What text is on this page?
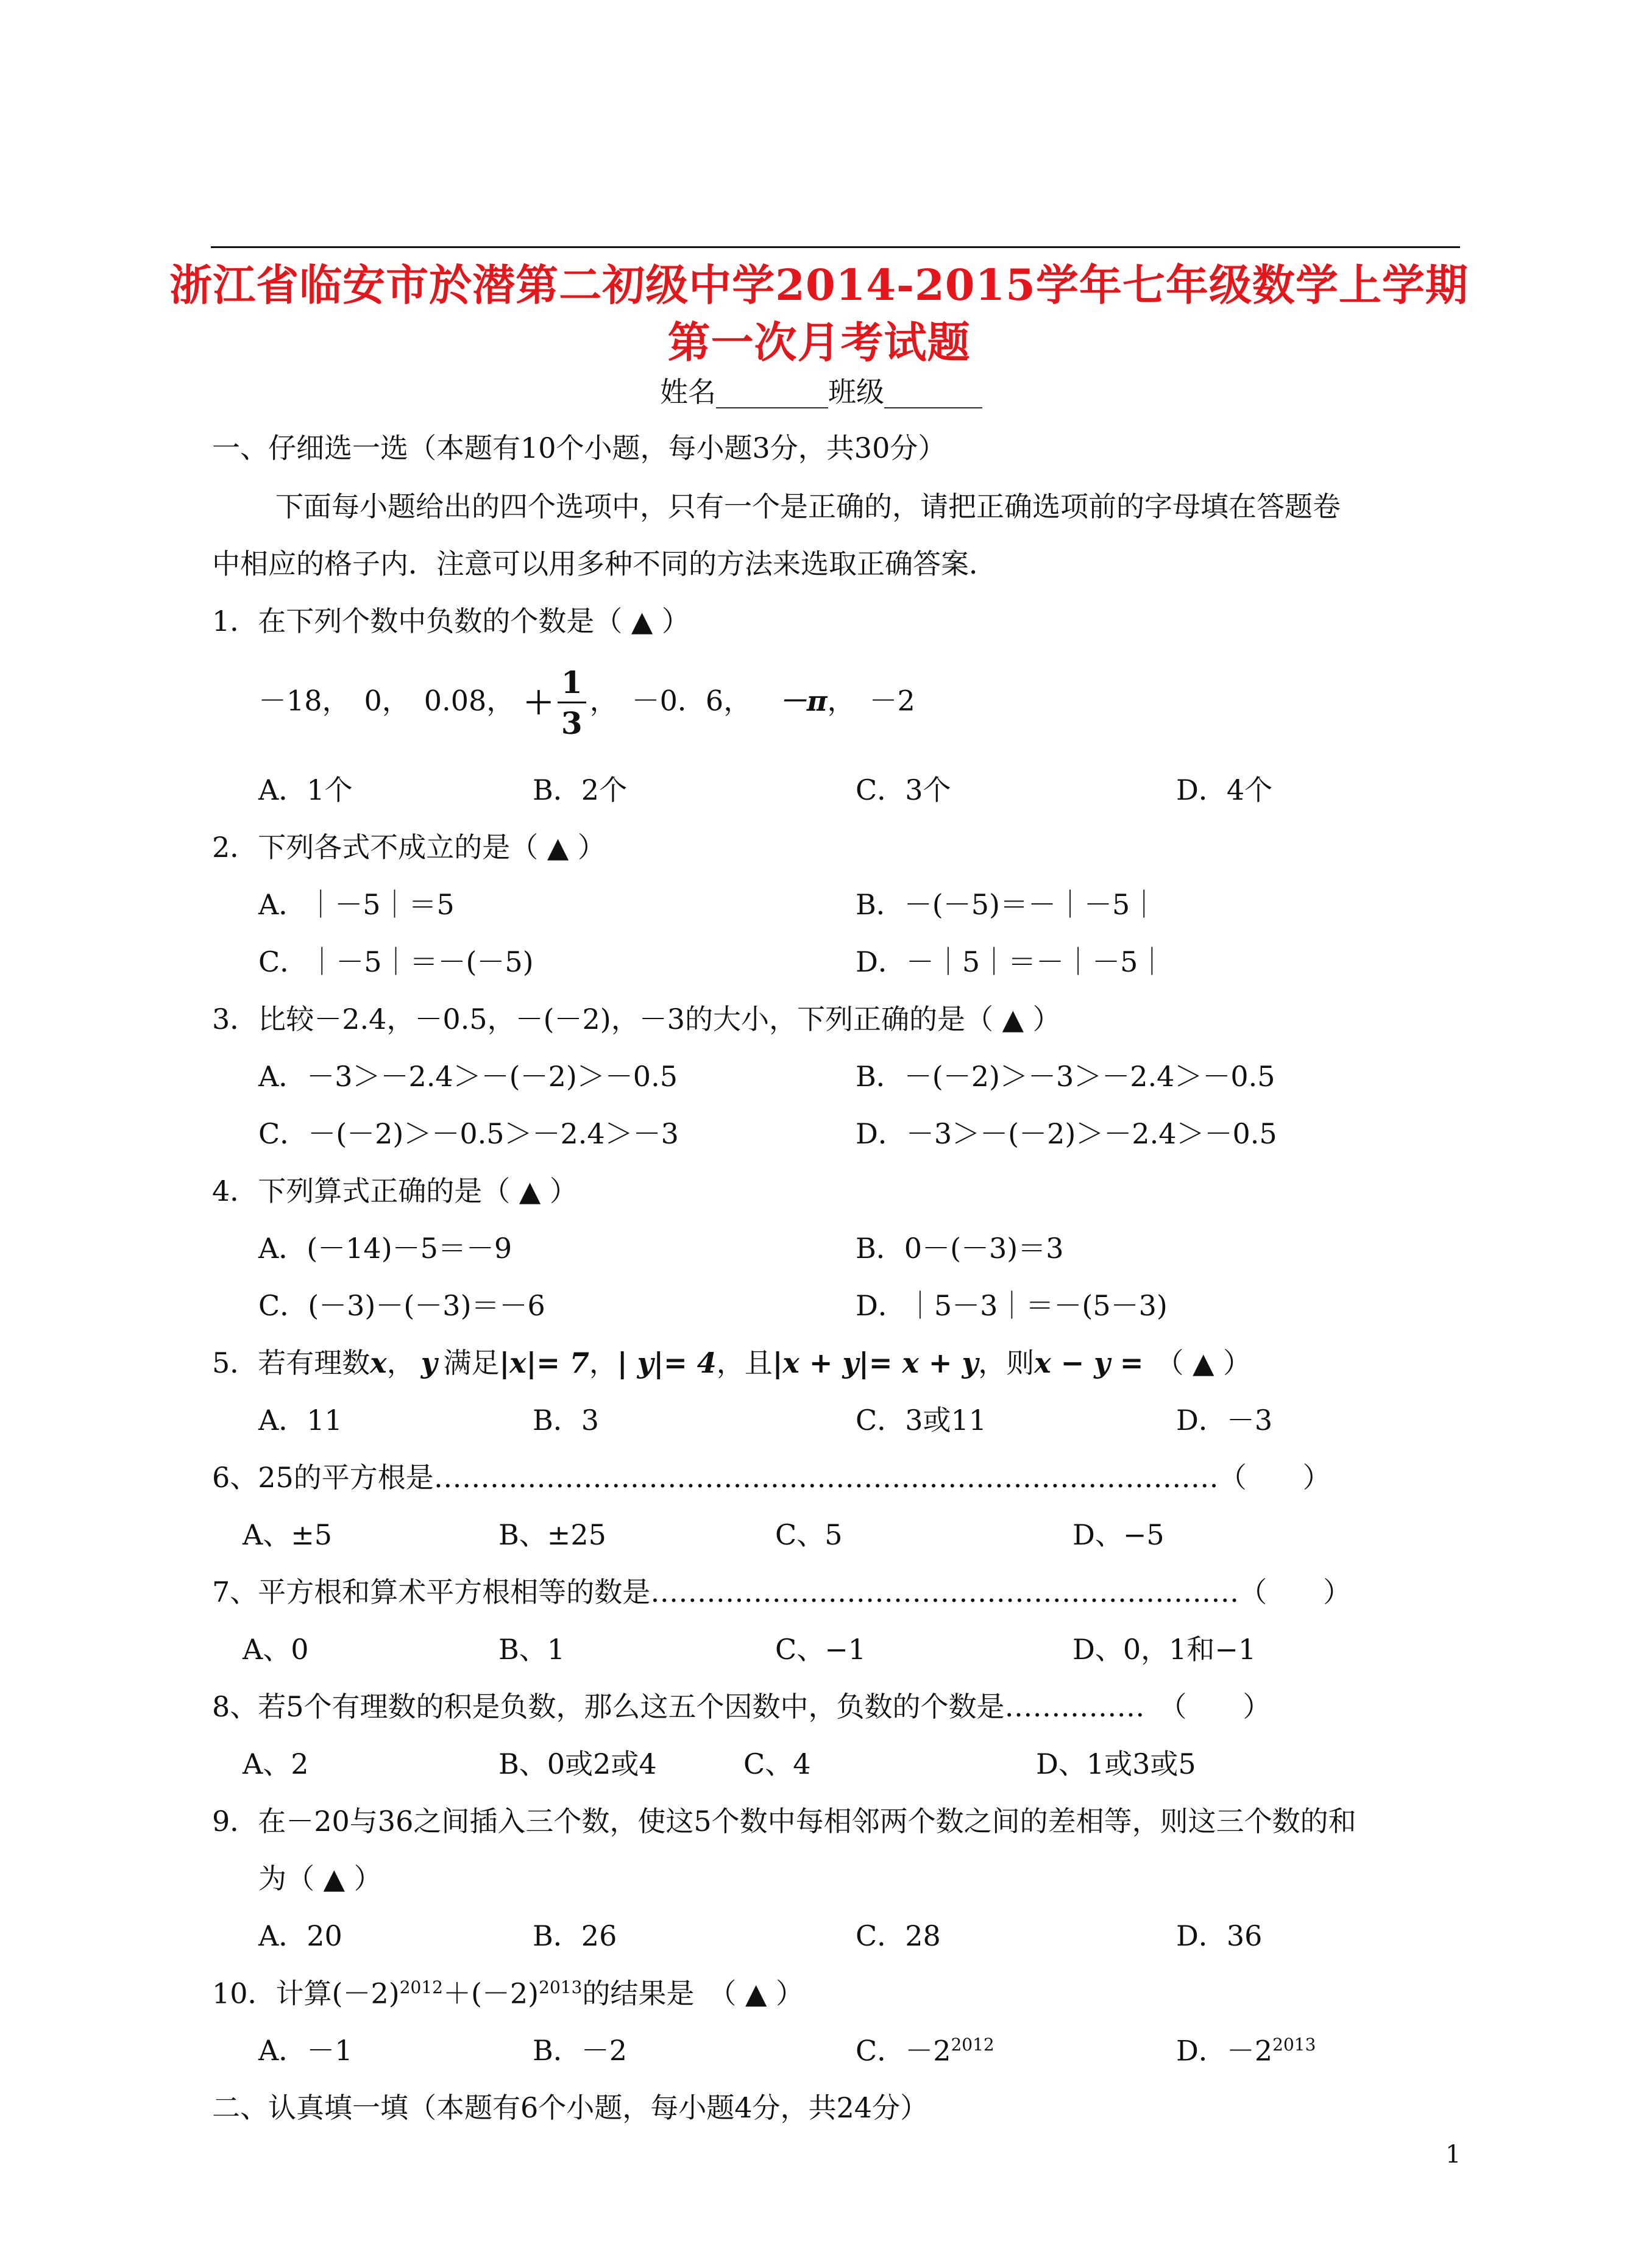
浙江省临安市於潜第二初级中学2014-2015学年七年级数学上学期
第一次月考试题
姓名________班级_______
一、仔细选一选（本题有10个小题，每小题3分，共30分）
下面每小题给出的四个选项中，只有一个是正确的，请把正确选项前的字母填在答题卷
中相应的格子内．注意可以用多种不同的方法来选取正确答案．
1．在下列个数中负数的个数是（ ▲ ）
－18，　0，　0.08， ＋ $\frac{1}{3}$ ，　－0．6， －π，　－2
A．1个	B．2个	C．3个	D．4个
2．下列各式不成立的是（ ▲ ）
A．｜－5｜＝5	B．－(－5)＝－｜－5｜
C．｜－5｜＝－(－5)	D．－｜5｜＝－｜－5｜
3．比较－2.4，－0.5，－(－2)，－3的大小，下列正确的是（ ▲ ）
A．－3＞－2.4＞－(－2)＞－0.5	B．－(－2)＞－3＞－2.4＞－0.5
C．－(－2)＞－0.5＞－2.4＞－3	D．－3＞－(－2)＞－2.4＞－0.5
4．下列算式正确的是（ ▲ ）
A．(－14)－5＝－9	B．0－(－3)＝3
C．(－3)－(－3)＝－6	D．｜5－3｜＝－(5－3)
5．若有理数x， y 满足|x|= 7，| y|= 4，且|x + y|= x + y，则x − y = （ ▲ ）
A．11	B．3	C．3或11	D．－3
6、25的平方根是…………………………………………………………………………（　　）
A、±5	B、±25	C、5	D、−5
7、平方根和算术平方根相等的数是………………………………………………………（　　）
A、0	B、1	C、−1	D、0，1和−1
8、若5个有理数的积是负数，那么这五个因数中，负数的个数是……………　（　　）
A、2	B、0或2或4	C、4	D、1或3或5
9．在－20与36之间插入三个数，使这5个数中每相邻两个数之间的差相等，则这三个数的和
为（ ▲ ）
A．20	B．26	C．28	D．36
10．计算$(-2)^{2012}+(-2)^{2013}$的结果是　（ ▲ ）
A．－1	B．－2	C．$-2^{2012}$	D．$-2^{2013}$
二、认真填一填（本题有6个小题，每小题4分，共24分）
1
